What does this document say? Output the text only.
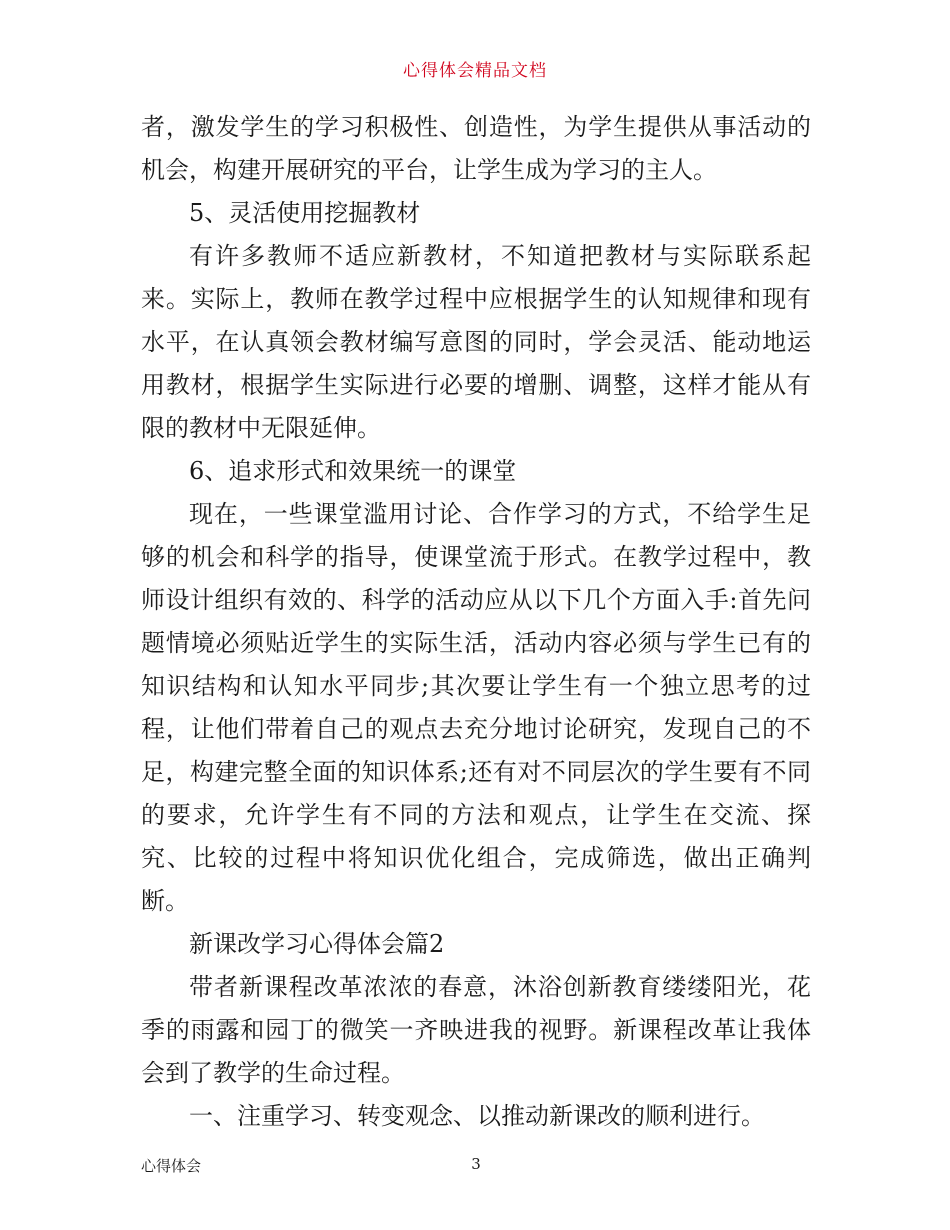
心得体会精品文档

者，激发学生的学习积极性、创造性，为学生提供从事活动的机会，构建开展研究的平台，让学生成为学习的主人。

5、灵活使用挖掘教材

有许多教师不适应新教材，不知道把教材与实际联系起来。实际上，教师在教学过程中应根据学生的认知规律和现有水平，在认真领会教材编写意图的同时，学会灵活、能动地运用教材，根据学生实际进行必要的增删、调整，这样才能从有限的教材中无限延伸。

6、追求形式和效果统一的课堂

现在，一些课堂滥用讨论、合作学习的方式，不给学生足够的机会和科学的指导，使课堂流于形式。在教学过程中，教师设计组织有效的、科学的活动应从以下几个方面入手:首先问题情境必须贴近学生的实际生活，活动内容必须与学生已有的知识结构和认知水平同步;其次要让学生有一个独立思考的过程，让他们带着自己的观点去充分地讨论研究，发现自己的不足，构建完整全面的知识体系;还有对不同层次的学生要有不同的要求，允许学生有不同的方法和观点，让学生在交流、探究、比较的过程中将知识优化组合，完成筛选，做出正确判断。

新课改学习心得体会篇2

带者新课程改革浓浓的春意，沐浴创新教育缕缕阳光，花季的雨露和园丁的微笑一齐映进我的视野。新课程改革让我体会到了教学的生命过程。

一、注重学习、转变观念、以推动新课改的顺利进行。

心得体会	3
